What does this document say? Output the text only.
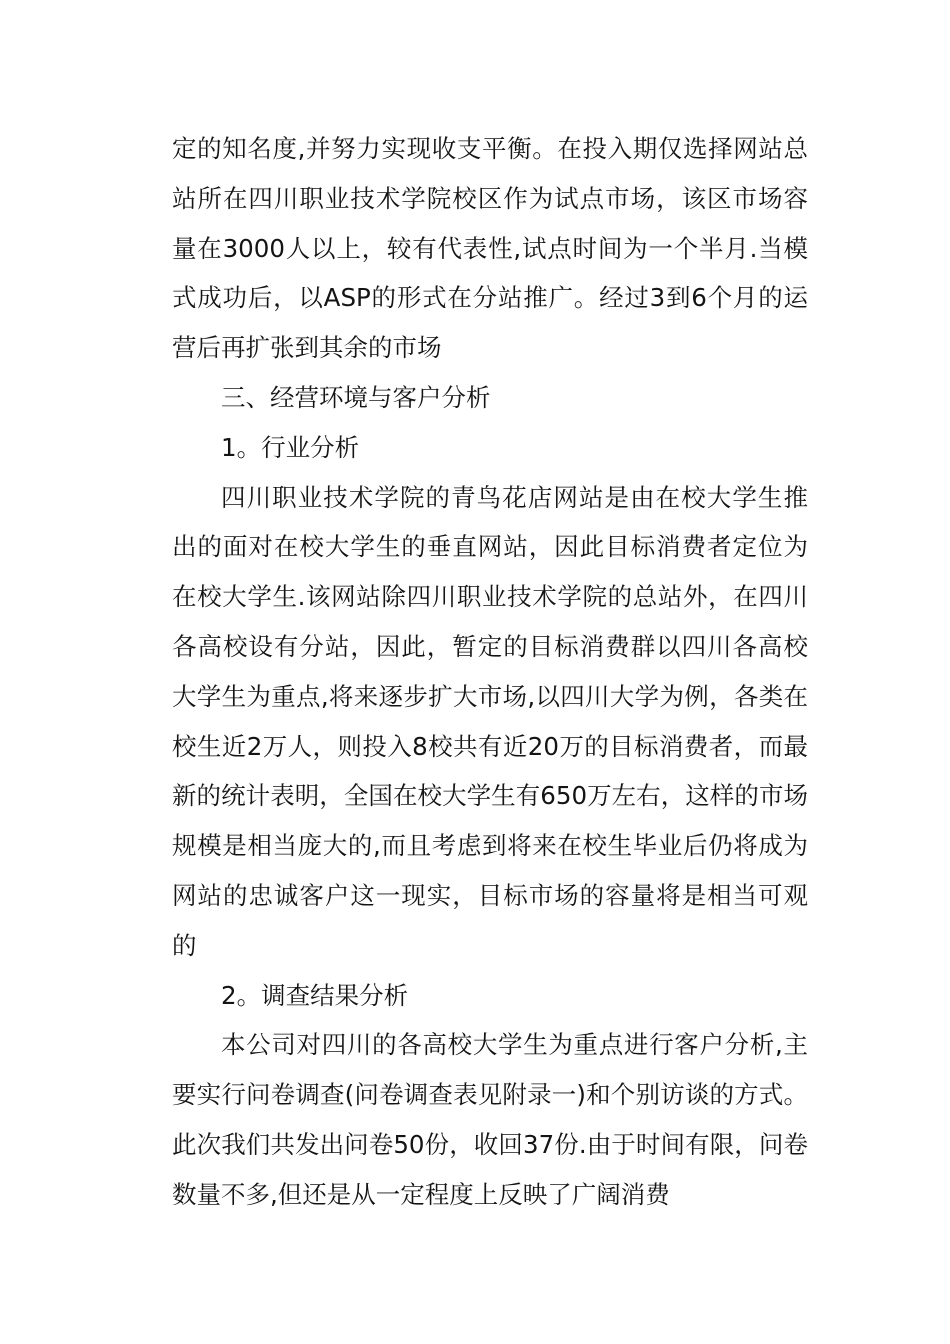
定的知名度,并努力实现收支平衡。在投入期仅选择网站总站所在四川职业技术学院校区作为试点市场，该区市场容量在3000人以上，较有代表性,试点时间为一个半月.当模式成功后，以ASP的形式在分站推广。经过3到6个月的运营后再扩张到其余的市场

三、经营环境与客户分析

1。行业分析

四川职业技术学院的青鸟花店网站是由在校大学生推出的面对在校大学生的垂直网站，因此目标消费者定位为在校大学生.该网站除四川职业技术学院的总站外，在四川各高校设有分站，因此，暂定的目标消费群以四川各高校大学生为重点,将来逐步扩大市场,以四川大学为例，各类在校生近2万人，则投入8校共有近20万的目标消费者，而最新的统计表明，全国在校大学生有650万左右，这样的市场规模是相当庞大的,而且考虑到将来在校生毕业后仍将成为网站的忠诚客户这一现实，目标市场的容量将是相当可观的

2。调查结果分析

本公司对四川的各高校大学生为重点进行客户分析,主要实行问卷调查(问卷调查表见附录一)和个别访谈的方式。此次我们共发出问卷50份，收回37份.由于时间有限，问卷数量不多,但还是从一定程度上反映了广阔消费
